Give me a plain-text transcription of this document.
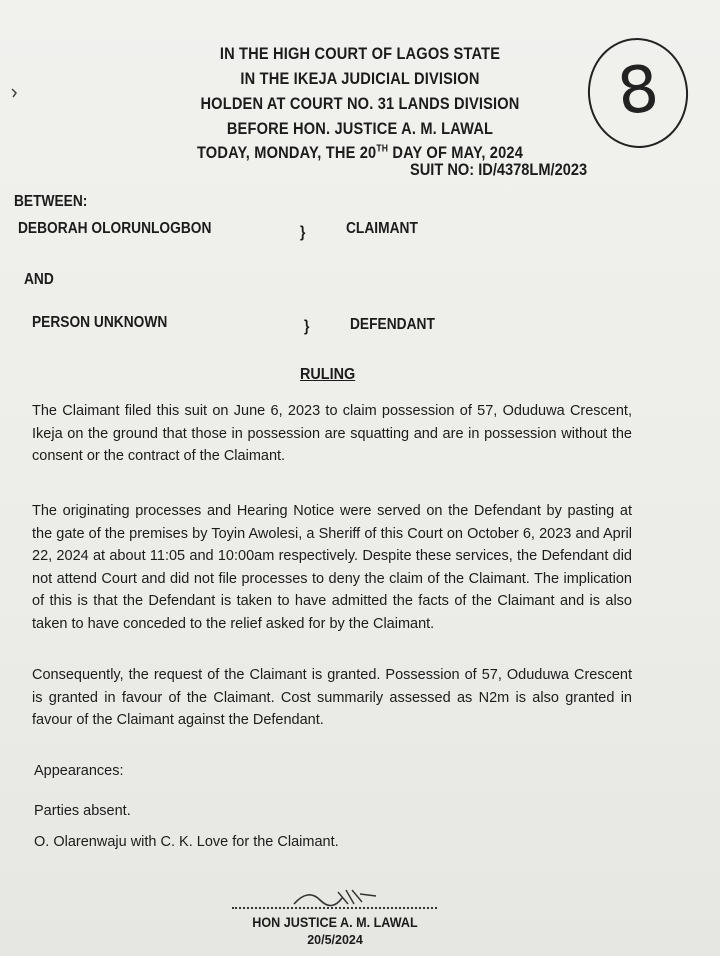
IN THE HIGH COURT OF LAGOS STATE
IN THE IKEJA JUDICIAL DIVISION
HOLDEN AT COURT NO. 31 LANDS DIVISION
BEFORE HON. JUSTICE A. M. LAWAL
TODAY, MONDAY, THE 20TH DAY OF MAY, 2024
8
SUIT NO: ID/4378LM/2023
BETWEEN:
DEBORAH OLORUNLOGBON	}	CLAIMANT
AND
PERSON UNKNOWN	}	DEFENDANT
RULING

The Claimant filed this suit on June 6, 2023 to claim possession of 57, Oduduwa Crescent, Ikeja on the ground that those in possession are squatting and are in possession without the consent or the contract of the Claimant.

The originating processes and Hearing Notice were served on the Defendant by pasting at the gate of the premises by Toyin Awolesi, a Sheriff of this Court on October 6, 2023 and April 22, 2024 at about 11:05 and 10:00am respectively. Despite these services, the Defendant did not attend Court and did not file processes to deny the claim of the Claimant. The implication of this is that the Defendant is taken to have admitted the facts of the Claimant and is also taken to have conceded to the relief asked for by the Claimant.

Consequently, the request of the Claimant is granted. Possession of 57, Oduduwa Crescent is granted in favour of the Claimant. Cost summarily assessed as N2m is also granted in favour of the Claimant against the Defendant.

Appearances:
Parties absent.
O. Olarenwaju with C. K. Love for the Claimant.
HON JUSTICE A. M. LAWAL
20/5/2024
